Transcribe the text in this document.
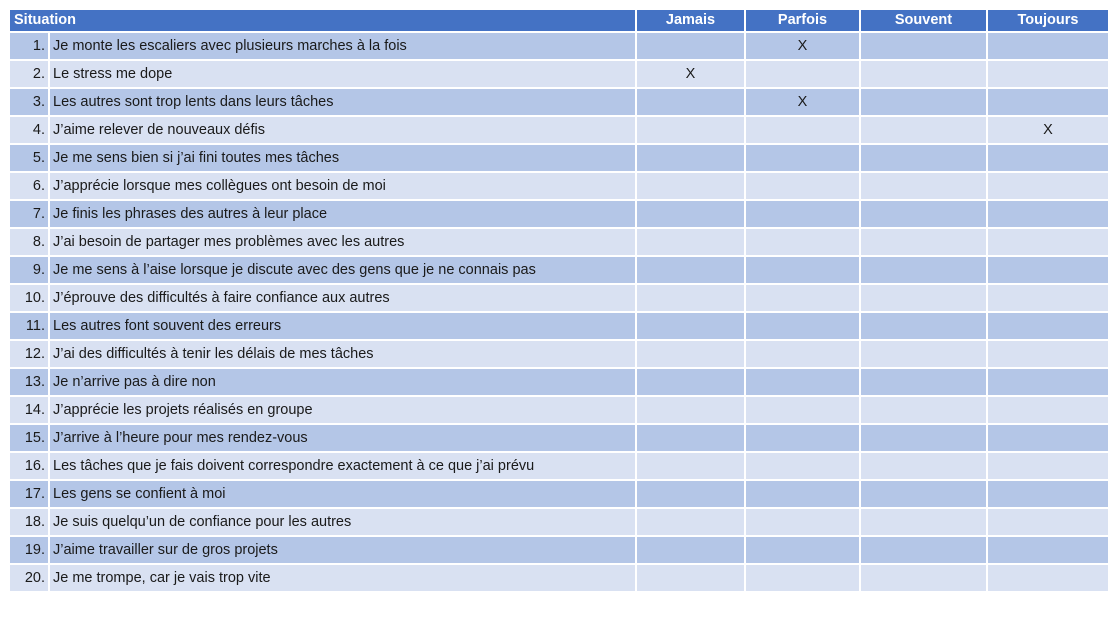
Situation		Jamais	Parfois	Souvent	Toujours
1.	Je monte les escaliers avec plusieurs marches à la fois		X		
2.	Le stress me dope	X			
3.	Les autres sont trop lents dans leurs tâches		X		
4.	J’aime relever de nouveaux défis				X
5.	Je me sens bien si j’ai fini toutes mes tâches				
6.	J’apprécie lorsque mes collègues ont besoin de moi				
7.	Je finis les phrases des autres à leur place				
8.	J’ai besoin de partager mes problèmes avec les autres				
9.	Je me sens à l’aise lorsque je discute avec des gens que je ne connais pas				
10.	J’éprouve des difficultés à faire confiance aux autres				
11.	Les autres font souvent des erreurs				
12.	J’ai des difficultés à tenir les délais de mes tâches				
13.	Je n’arrive pas à dire non				
14.	J’apprécie les projets réalisés en groupe				
15.	J’arrive à l’heure pour mes rendez-vous				
16.	Les tâches que je fais doivent correspondre exactement à ce que j’ai prévu				
17.	Les gens se confient à moi				
18.	Je suis quelqu’un de confiance pour les autres				
19.	J’aime travailler sur de gros projets				
20.	Je me trompe, car je vais trop vite				
